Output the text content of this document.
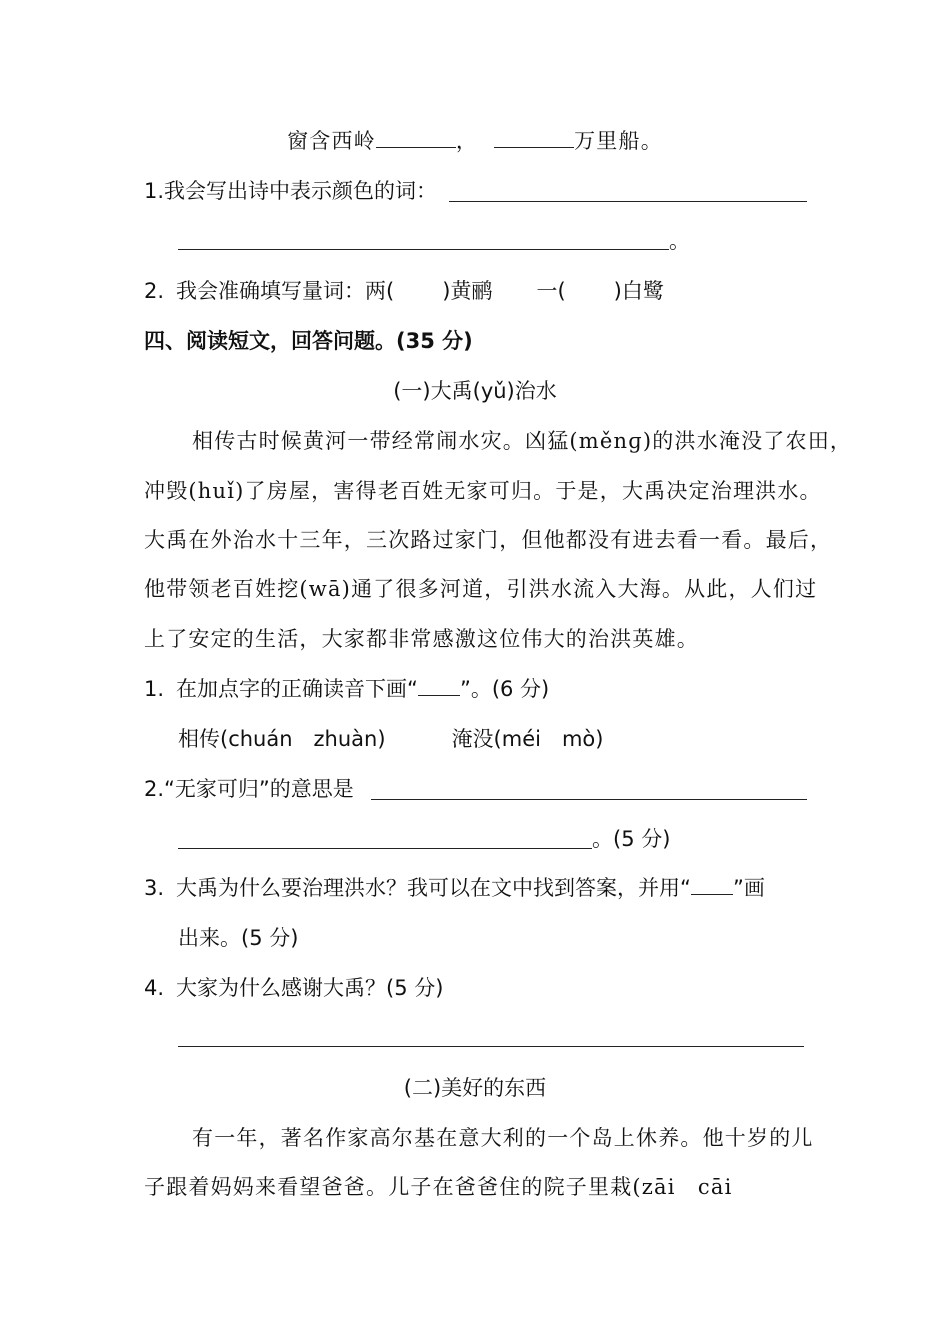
窗含西岭	，	万里船。
1.我会写出诗中表示颜色的词：
。
2. 我会准确填写量词：两( )黄鹂 一( )白鹭
四、阅读短文，回答问题。(35 分)
(一)大禹(yǔ)治水
相传古时候黄河一带经常闹水灾。凶猛(měnɡ)的洪水淹没了农田，
冲毁(huǐ)了房屋，害得老百姓无家可归。于是，大禹决定治理洪水。
大禹在外治水十三年，三次路过家门，但他都没有进去看一看。最后，
他带领老百姓挖(wā)通了很多河道，引洪水流入大海。从此，人们过
上了安定的生活，大家都非常感激这位伟大的治洪英雄。
1. 在加点字的正确读音下画“ ”。(6 分)
相传(chuán　zhuàn)	淹没(méi　mò)
2.“无家可归”的意思是
。(5 分)
3. 大禹为什么要治理洪水？我可以在文中找到答案，并用“ ”画
出来。(5 分)
4. 大家为什么感谢大禹？(5 分)
(二)美好的东西
有一年，著名作家高尔基在意大利的一个岛上休养。他十岁的儿
子跟着妈妈来看望爸爸。儿子在爸爸住的院子里栽(zāi　cāi
